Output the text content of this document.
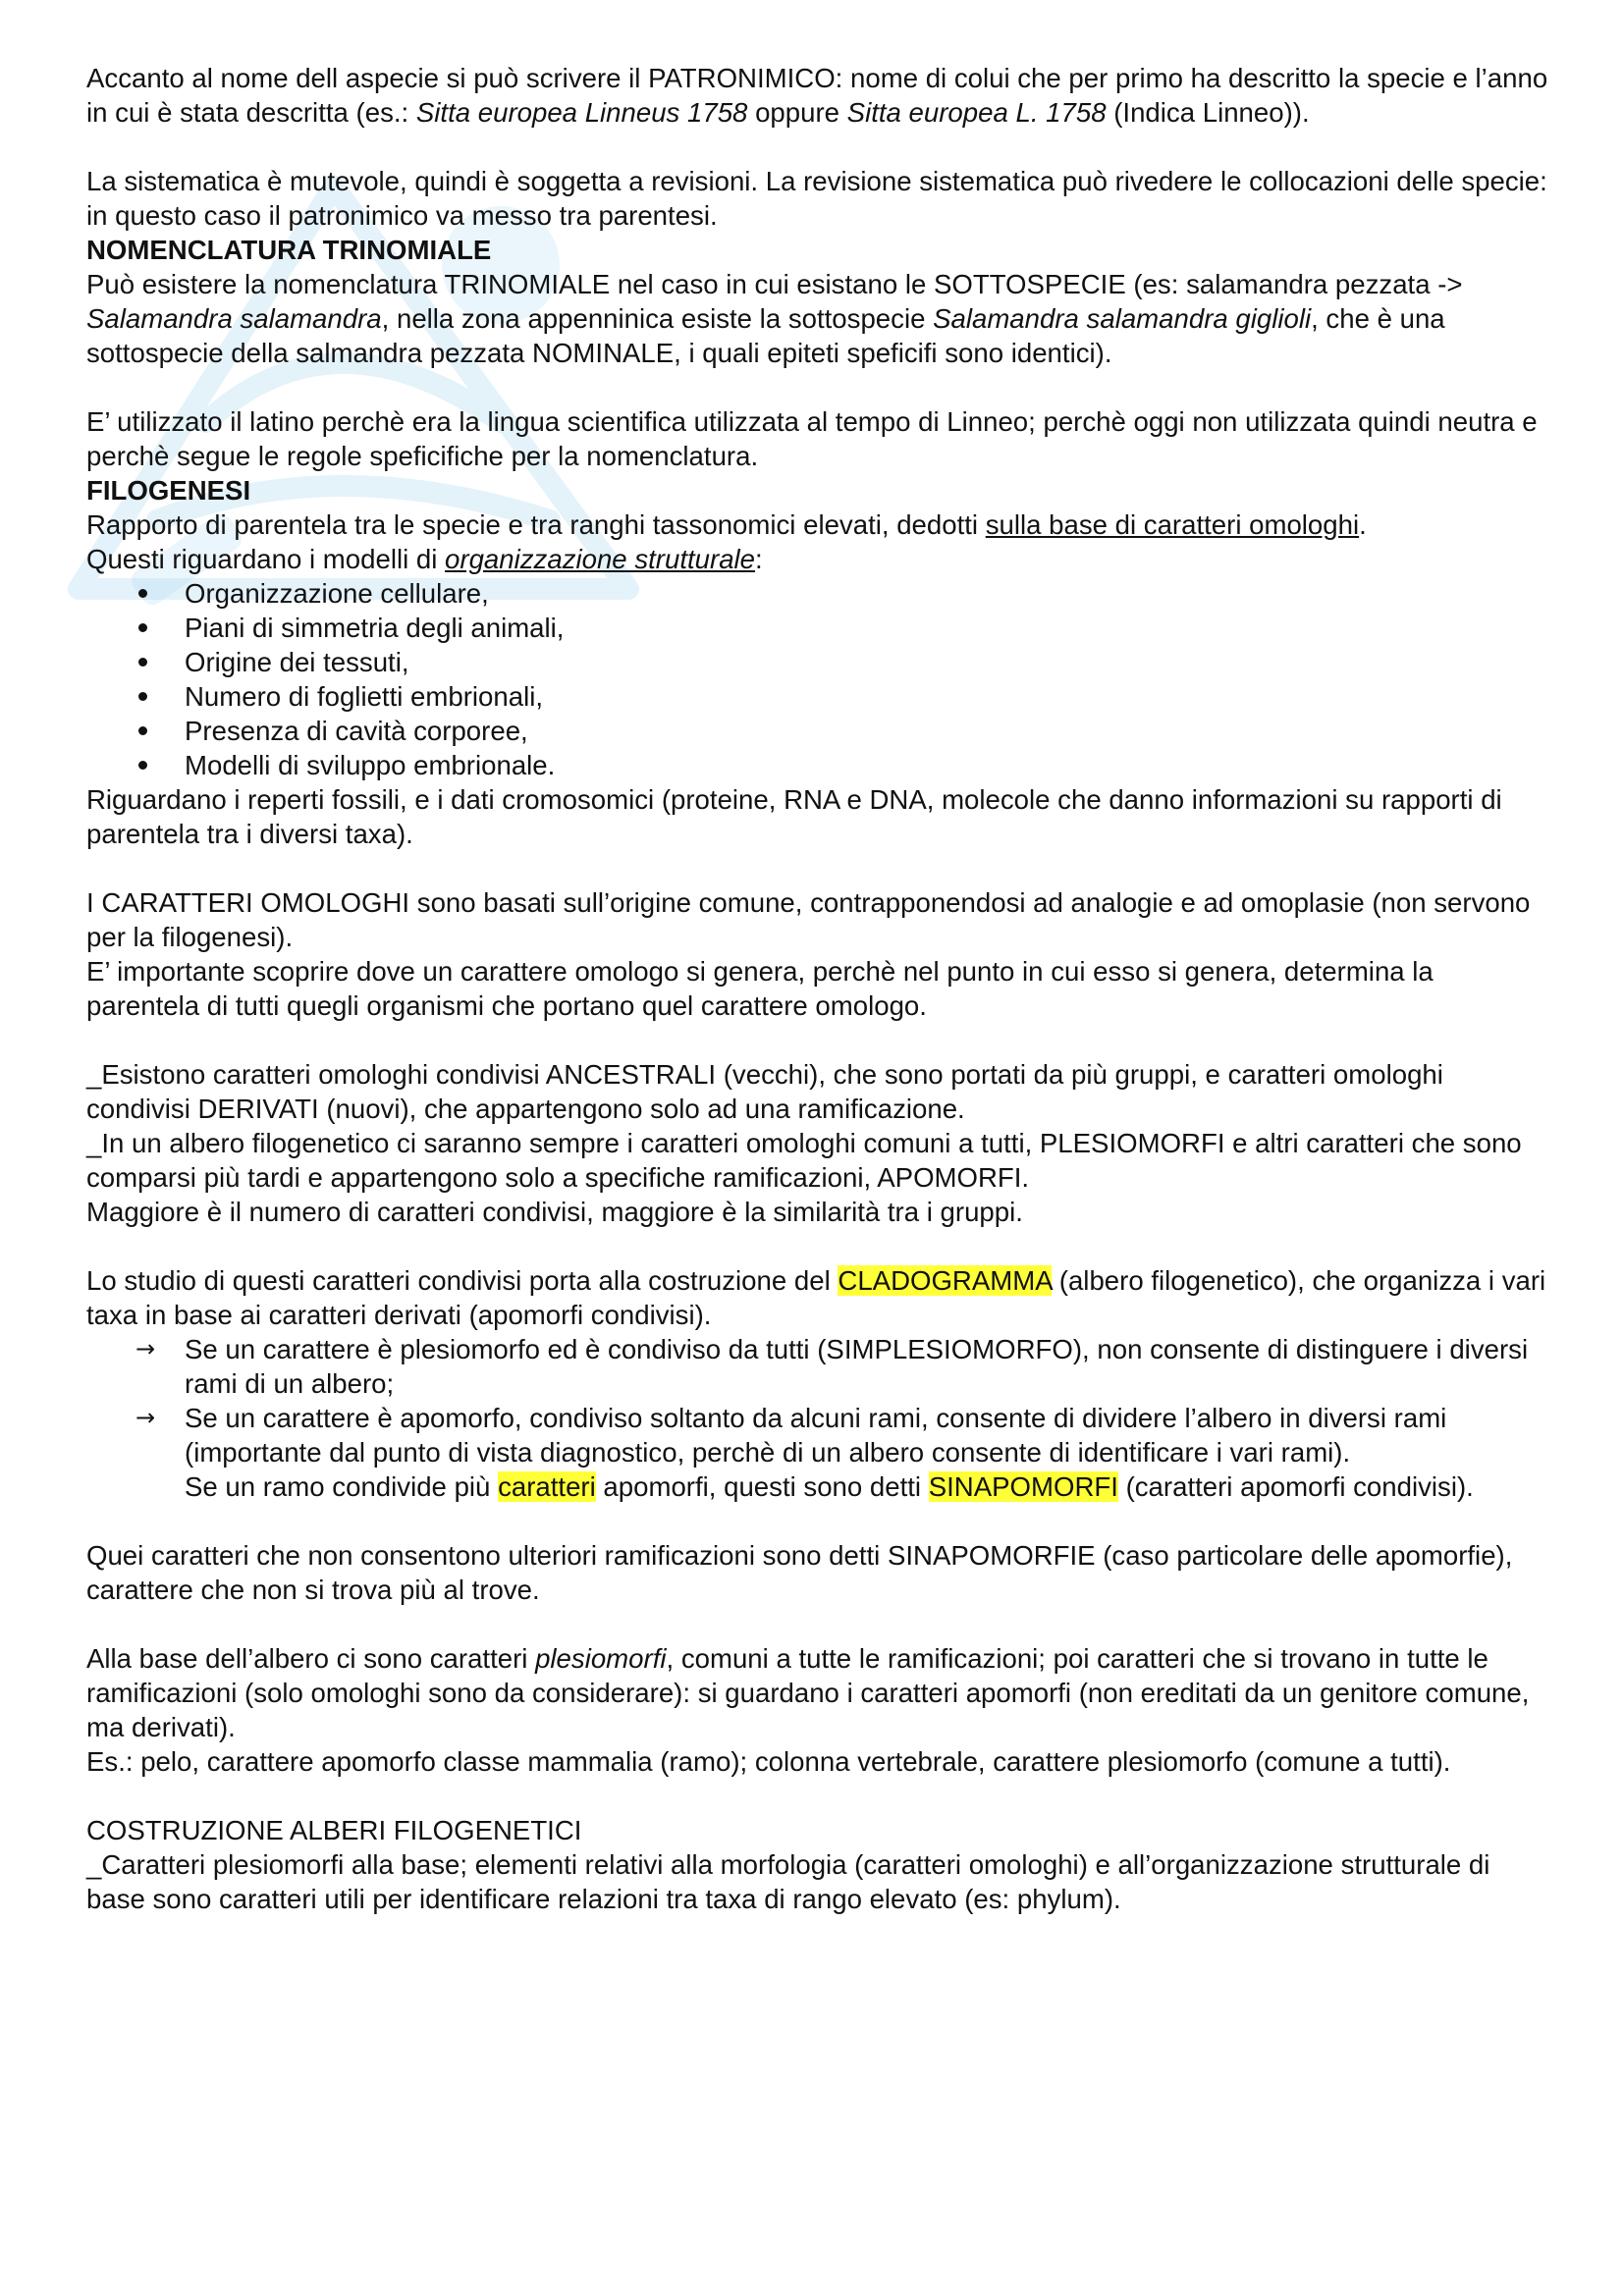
Accanto al nome dell aspecie si può scrivere il PATRONIMICO: nome di colui che per primo ha descritto la specie e l’anno in cui è stata descritta (es.: Sitta europea Linneus 1758 oppure Sitta europea L. 1758 (Indica Linneo)).

La sistematica è mutevole, quindi è soggetta a revisioni. La revisione sistematica può rivedere le collocazioni delle specie: in questo caso il patronimico va messo tra parentesi.

NOMENCLATURA TRINOMIALE

Può esistere la nomenclatura TRINOMIALE nel caso in cui esistano le SOTTOSPECIE (es: salamandra pezzata -> Salamandra salamandra, nella zona appenninica esiste la sottospecie Salamandra salamandra giglioli, che è una sottospecie della salmandra pezzata NOMINALE, i quali epiteti speficifi sono identici).

E’ utilizzato il latino perchè era la lingua scientifica utilizzata al tempo di Linneo; perchè oggi non utilizzata quindi neutra e perchè segue le regole speficifiche per la nomenclatura.

FILOGENESI

Rapporto di parentela tra le specie e tra ranghi tassonomici elevati, dedotti sulla base di caratteri omologhi.

Questi riguardano i modelli di organizzazione strutturale:

Organizzazione cellulare,
Piani di simmetria degli animali,
Origine dei tessuti,
Numero di foglietti embrionali,
Presenza di cavità corporee,
Modelli di sviluppo embrionale.

Riguardano i reperti fossili, e i dati cromosomici (proteine, RNA e DNA, molecole che danno informazioni su rapporti di parentela tra i diversi taxa).

I CARATTERI OMOLOGHI sono basati sull’origine comune, contrapponendosi ad analogie e ad omoplasie (non servono per la filogenesi).

E’ importante scoprire dove un carattere omologo si genera, perchè nel punto in cui esso si genera, determina la parentela di tutti quegli organismi che portano quel carattere omologo.

_Esistono caratteri omologhi condivisi ANCESTRALI (vecchi), che sono portati da più gruppi, e caratteri omologhi condivisi DERIVATI (nuovi), che appartengono solo ad una ramificazione.

_In un albero filogenetico ci saranno sempre i caratteri omologhi comuni a tutti, PLESIOMORFI e altri caratteri che sono comparsi più tardi e appartengono solo a specifiche ramificazioni, APOMORFI.

Maggiore è il numero di caratteri condivisi, maggiore è la similarità tra i gruppi.

Lo studio di questi caratteri condivisi porta alla costruzione del CLADOGRAMMA (albero filogenetico), che organizza i vari taxa in base ai caratteri derivati (apomorfi condivisi).

→ Se un carattere è plesiomorfo ed è condiviso da tutti (SIMPLESIOMORFO), non consente di distinguere i diversi rami di un albero;
→ Se un carattere è apomorfo, condiviso soltanto da alcuni rami, consente di dividere l’albero in diversi rami (importante dal punto di vista diagnostico, perchè di un albero consente di identificare i vari rami).
Se un ramo condivide più caratteri apomorfi, questi sono detti SINAPOMORFI (caratteri apomorfi condivisi).

Quei caratteri che non consentono ulteriori ramificazioni sono detti SINAPOMORFIE (caso particolare delle apomorfie), carattere che non si trova più al trove.

Alla base dell’albero ci sono caratteri plesiomorfi, comuni a tutte le ramificazioni; poi caratteri che si trovano in tutte le ramificazioni (solo omologhi sono da considerare): si guardano i caratteri apomorfi (non ereditati da un genitore comune, ma derivati).

Es.: pelo, carattere apomorfo classe mammalia (ramo); colonna vertebrale, carattere plesiomorfo (comune a tutti).

COSTRUZIONE ALBERI FILOGENETICI

_Caratteri plesiomorfi alla base; elementi relativi alla morfologia (caratteri omologhi) e all’organizzazione strutturale di base sono caratteri utili per identificare relazioni tra taxa di rango elevato (es: phylum).
